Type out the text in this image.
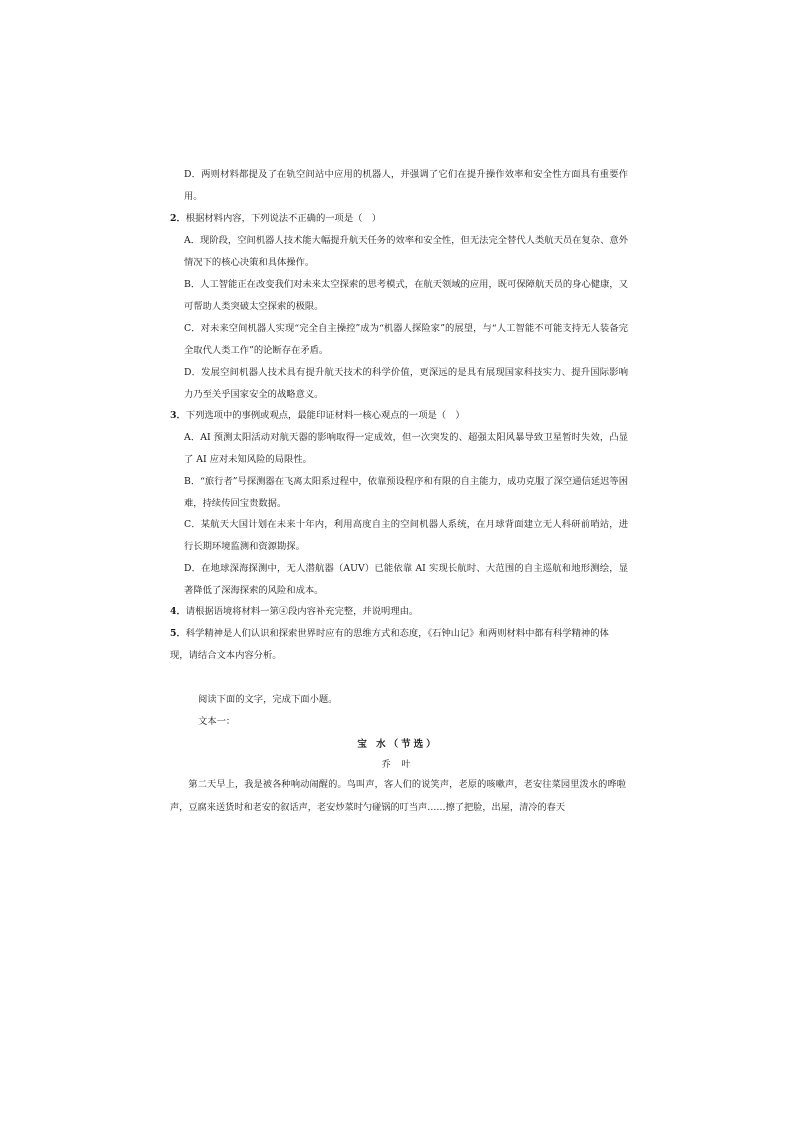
D．两则材料都提及了在轨空间站中应用的机器人，并强调了它们在提升操作效率和安全性方面具有重要作用。
2．根据材料内容，下列说法不正确的一项是（　）
A．现阶段，空间机器人技术能大幅提升航天任务的效率和安全性，但无法完全替代人类航天员在复杂、意外情况下的核心决策和具体操作。
B．人工智能正在改变我们对未来太空探索的思考模式，在航天领域的应用，既可保障航天员的身心健康，又可帮助人类突破太空探索的极限。
C．对未来空间机器人实现“完全自主操控”成为“机器人探险家”的展望，与“人工智能不可能支持无人装备完全取代人类工作”的论断存在矛盾。
D．发展空间机器人技术具有提升航天技术的科学价值，更深远的是具有展现国家科技实力、提升国际影响力乃至关乎国家安全的战略意义。
3．下列选项中的事例或观点，最能印证材料一核心观点的一项是（　）
A．AI 预测太阳活动对航天器的影响取得一定成效，但一次突发的、超强太阳风暴导致卫星暂时失效，凸显了 AI 应对未知风险的局限性。
B．“旅行者”号探测器在飞离太阳系过程中，依靠预设程序和有限的自主能力，成功克服了深空通信延迟等困难，持续传回宝贵数据。
C．某航天大国计划在未来十年内，利用高度自主的空间机器人系统，在月球背面建立无人科研前哨站，进行长期环境监测和资源勘探。
D．在地球深海探测中，无人潜航器（AUV）已能依靠 AI 实现长航时、大范围的自主巡航和地形测绘，显著降低了深海探索的风险和成本。
4．请根据语境将材料一第④段内容补充完整，并说明理由。
5．科学精神是人们认识和探索世界时应有的思维方式和态度，《石钟山记》和两则材料中都有科学精神的体现，请结合文本内容分析。
阅读下面的文字，完成下面小题。
文本一：
宝 水（节选）
乔 叶
第二天早上，我是被各种响动闹醒的。鸟叫声，客人们的说笑声，老原的咳嗽声，老安往菜园里泼水的哗啦声，豆腐来送货时和老安的叙话声，老安炒菜时勺碰锅的叮当声……擦了把脸，出屋，清冷的春天
